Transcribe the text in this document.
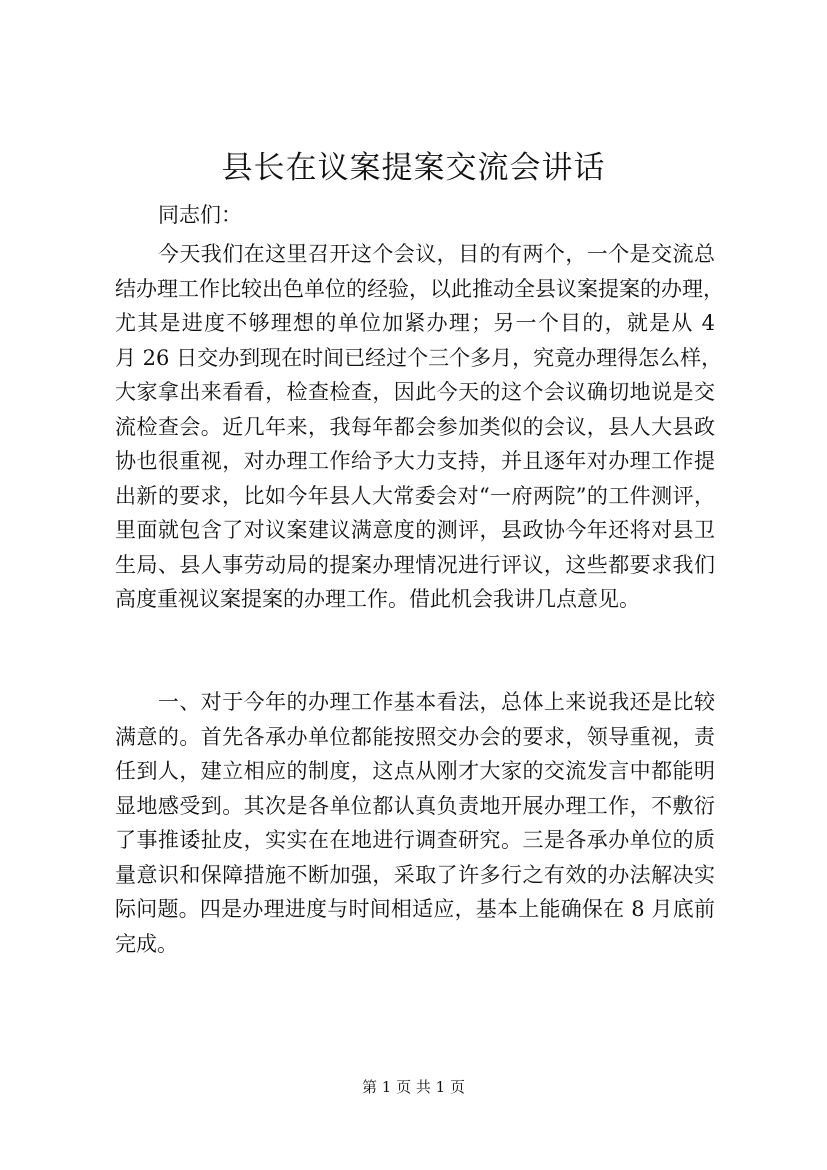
县长在议案提案交流会讲话
同志们：
　　今天我们在这里召开这个会议，目的有两个，一个是交流总
结办理工作比较出色单位的经验，以此推动全县议案提案的办理，
尤其是进度不够理想的单位加紧办理；另一个目的，就是从 4
月 26 日交办到现在时间已经过个三个多月，究竟办理得怎么样，
大家拿出来看看，检查检查，因此今天的这个会议确切地说是交
流检查会。近几年来，我每年都会参加类似的会议，县人大县政
协也很重视，对办理工作给予大力支持，并且逐年对办理工作提
出新的要求，比如今年县人大常委会对“一府两院”的工件测评，
里面就包含了对议案建议满意度的测评，县政协今年还将对县卫
生局、县人事劳动局的提案办理情况进行评议，这些都要求我们
高度重视议案提案的办理工作。借此机会我讲几点意见。
　　一、对于今年的办理工作基本看法，总体上来说我还是比较
满意的。首先各承办单位都能按照交办会的要求，领导重视，责
任到人，建立相应的制度，这点从刚才大家的交流发言中都能明
显地感受到。其次是各单位都认真负责地开展办理工作，不敷衍
了事推诿扯皮，实实在在地进行调查研究。三是各承办单位的质
量意识和保障措施不断加强，采取了许多行之有效的办法解决实
际问题。四是办理进度与时间相适应，基本上能确保在 8 月底前
完成。
第 1 页 共 1 页
